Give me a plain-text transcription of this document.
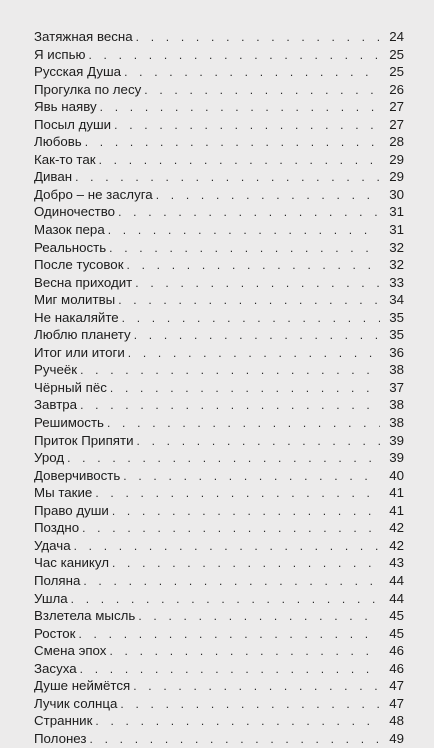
Затяжная весна . . .	24
Я испью . . .	25
Русская Душа . . .	25
Прогулка по лесу . . .	26
Явь наяву . . .	27
Посыл души . . .	27
Любовь . . .	28
Как-то так . . .	29
Диван . . .	29
Добро – не заслуга . . .	30
Одиночество . . .	31
Мазок пера . . .	31
Реальность . . .	32
После тусовок . . .	32
Весна приходит . . .	33
Миг молитвы . . .	34
Не накаляйте . . .	35
Люблю планету . . .	35
Итог или итоги . . .	36
Ручеёк . . .	38
Чёрный пёс . . .	37
Завтра . . .	38
Решимость . . .	38
Приток Припяти . . .	39
Урод . . .	39
Доверчивость . . .	40
Мы такие . . .	41
Право души . . .	41
Поздно . . .	42
Удача . . .	42
Час каникул . . .	43
Поляна . . .	44
Ушла . . .	44
Взлетела мысль . . .	45
Росток . . .	45
Смена эпох . . .	46
Засуха . . .	46
Душе неймётся . . .	47
Лучик солнца . . .	47
Странник . . .	48
Полонез . . .	49
